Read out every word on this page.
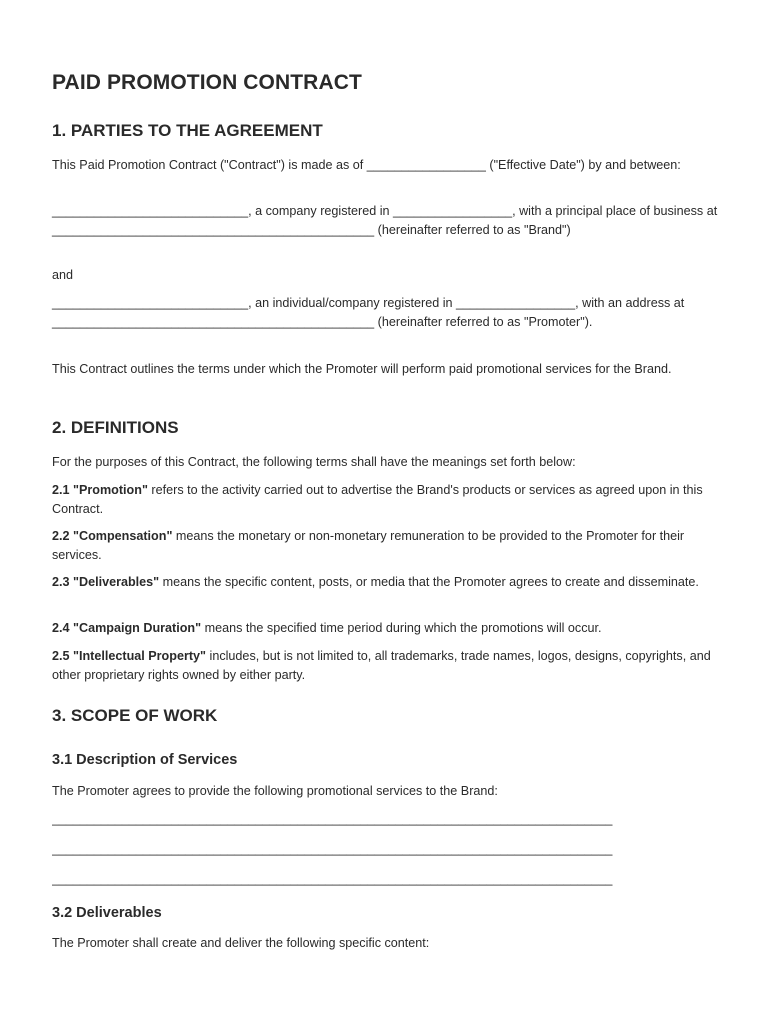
PAID PROMOTION CONTRACT
1. PARTIES TO THE AGREEMENT

This Paid Promotion Contract ("Contract") is made as of _________________ ("Effective Date") by and between:

____________________________, a company registered in _________________, with a principal place of business at ______________________________________________ (hereinafter referred to as "Brand")

and

____________________________, an individual/company registered in _________________, with an address at ______________________________________________ (hereinafter referred to as "Promoter").

This Contract outlines the terms under which the Promoter will perform paid promotional services for the Brand.

2. DEFINITIONS

For the purposes of this Contract, the following terms shall have the meanings set forth below:

2.1 "Promotion" refers to the activity carried out to advertise the Brand's products or services as agreed upon in this Contract.

2.2 "Compensation" means the monetary or non-monetary remuneration to be provided to the Promoter for their services.

2.3 "Deliverables" means the specific content, posts, or media that the Promoter agrees to create and disseminate.

2.4 "Campaign Duration" means the specified time period during which the promotions will occur.

2.5 "Intellectual Property" includes, but is not limited to, all trademarks, trade names, logos, designs, copyrights, and other proprietary rights owned by either party.

3. SCOPE OF WORK
3.1 Description of Services

The Promoter agrees to provide the following promotional services to the Brand:

________________________________________________________________________________

________________________________________________________________________________

________________________________________________________________________________

3.2 Deliverables

The Promoter shall create and deliver the following specific content:
